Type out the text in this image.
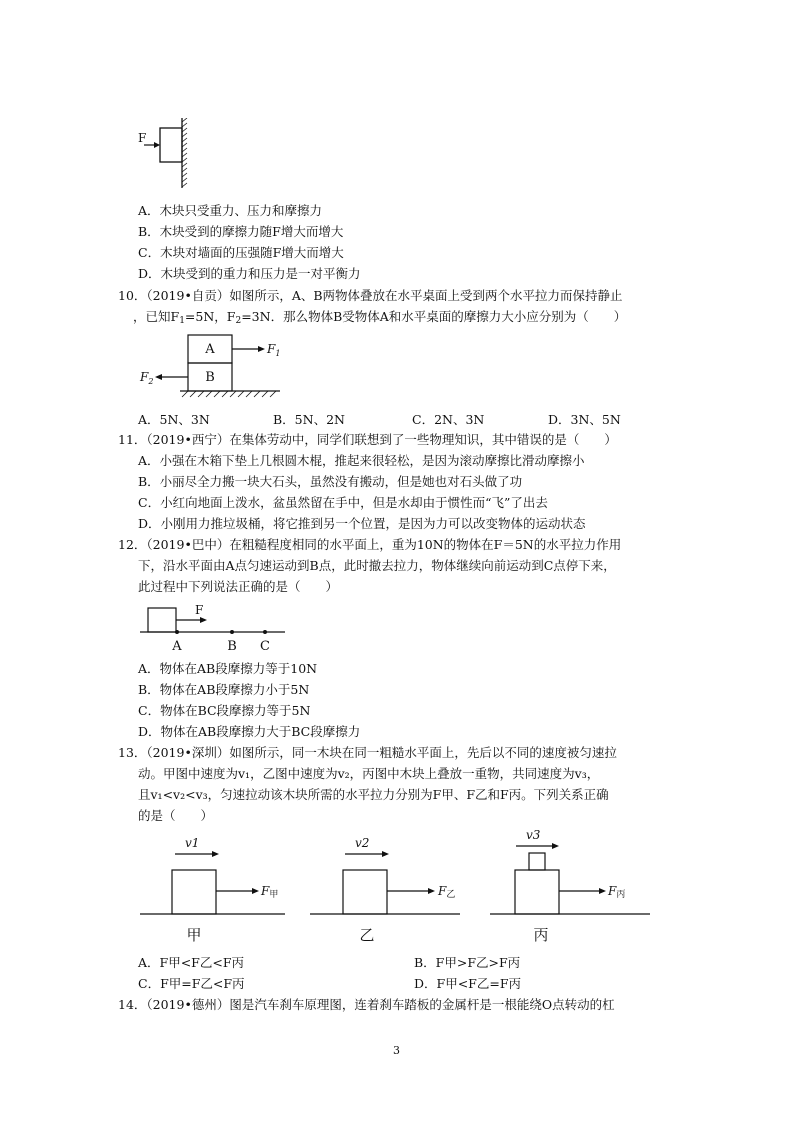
F
A．木块只受重力、压力和摩擦力
B．木块受到的摩擦力随F增大而增大
C．木块对墙面的压强随F增大而增大
D．木块受到的重力和压力是一对平衡力
10．（2019•自贡）如图所示，A、B两物体叠放在水平桌面上受到两个水平拉力而保持静止
，已知$F_1=5N$，$F_2=3N$．那么物体B受物体A和水平桌面的摩擦力大小应分别为（　　）
A
B
$F_1$
$F_2$
A．5N、3N	B．5N、2N	C．2N、3N	D．3N、5N
11．（2019•西宁）在集体劳动中，同学们联想到了一些物理知识，其中错误的是（　　）
A．小强在木箱下垫上几根圆木棍，推起来很轻松，是因为滚动摩擦比滑动摩擦小
B．小丽尽全力搬一块大石头，虽然没有搬动，但是她也对石头做了功
C．小红向地面上泼水，盆虽然留在手中，但是水却由于惯性而“飞”了出去
D．小刚用力推垃圾桶，将它推到另一个位置，是因为力可以改变物体的运动状态
12．（2019•巴中）在粗糙程度相同的水平面上，重为10N的物体在F＝5N的水平拉力作用
下，沿水平面由A点匀速运动到B点，此时撤去拉力，物体继续向前运动到C点停下来，
此过程中下列说法正确的是（　　）
F
A	B C
A．物体在AB段摩擦力等于10N
B．物体在AB段摩擦力小于5N
C．物体在BC段摩擦力等于5N
D．物体在AB段摩擦力大于BC段摩擦力
13．（2019•深圳）如图所示，同一木块在同一粗糙水平面上，先后以不同的速度被匀速拉
动。甲图中速度为v₁，乙图中速度为v₂，丙图中木块上叠放一重物，共同速度为v₃，
且v₁<v₂<v₃，匀速拉动该木块所需的水平拉力分别为F甲、F乙和F丙。下列关系正确
的是（　　）
v1
F甲
甲
v2
F乙
乙
v3
F丙
丙
A．F甲<F乙<F丙	B．F甲>F乙>F丙
C．F甲=F乙<F丙	D．F甲<F乙=F丙
14．（2019•德州）图是汽车刹车原理图，连着刹车踏板的金属杆是一根能绕O点转动的杠
3
